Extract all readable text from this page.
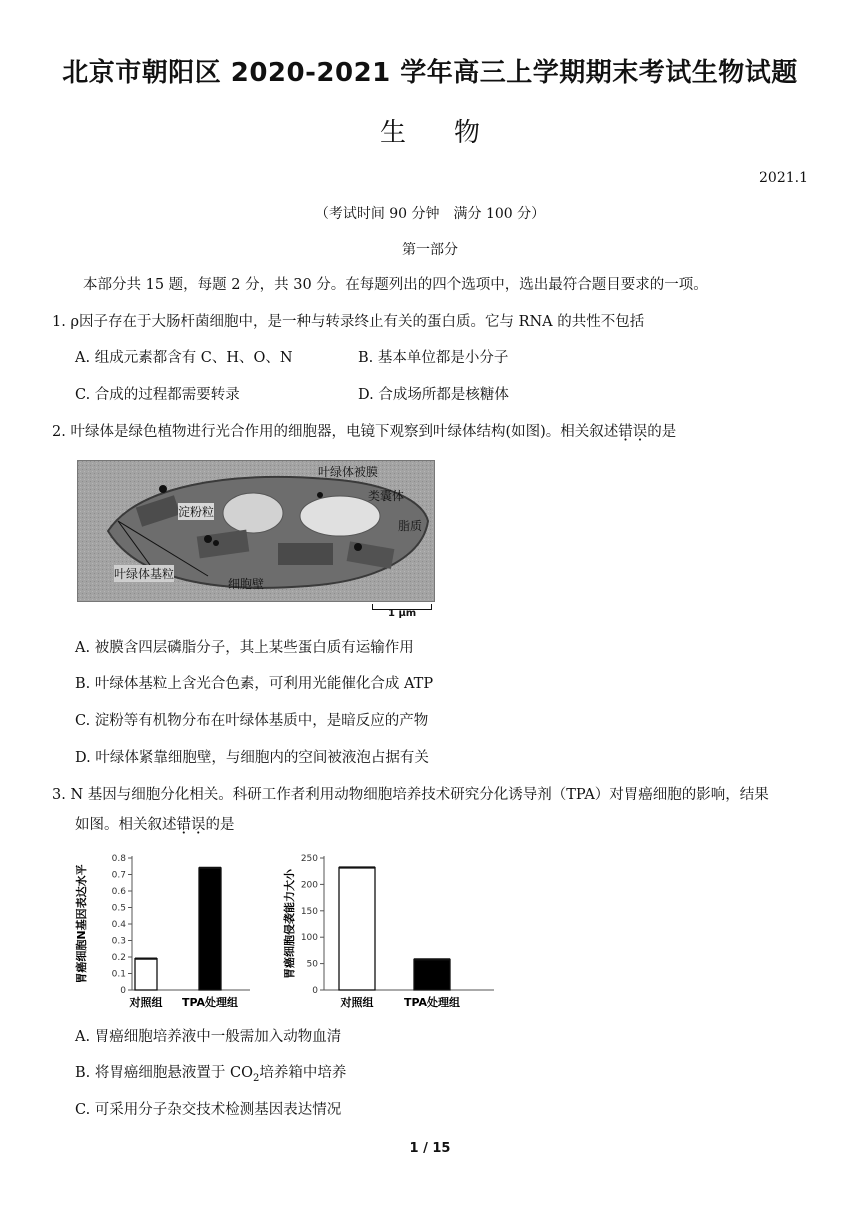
北京市朝阳区 2020-2021 学年高三上学期期末考试生物试题
生 物
2021.1
（考试时间 90 分钟　满分 100 分）
第一部分
本部分共 15 题，每题 2 分，共 30 分。在每题列出的四个选项中，选出最符合题目要求的一项。
1. ρ因子存在于大肠杆菌细胞中，是一种与转录终止有关的蛋白质。它与 RNA 的共性不包括
A. 组成元素都含有 C、H、O、N	B. 基本单位都是小分子
C. 合成的过程都需要转录	D. 合成场所都是核糖体
2. 叶绿体是绿色植物进行光合作用的细胞器，电镜下观察到叶绿体结构(如图)。相关叙述错误的是
叶绿体被膜
类囊体
淀粉粒
脂质
叶绿体基粒
细胞壁
1 μm
A. 被膜含四层磷脂分子，其上某些蛋白质有运输作用
B. 叶绿体基粒上含光合色素，可利用光能催化合成 ATP
C. 淀粉等有机物分布在叶绿体基质中，是暗反应的产物
D. 叶绿体紧靠细胞壁，与细胞内的空间被液泡占据有关
3. N 基因与细胞分化相关。科研工作者利用动物细胞培养技术研究分化诱导剂（TPA）对胃癌细胞的影响，结果
如图。相关叙述错误的是
胃癌细胞N基因表达水平
0
0.1
0.2
0.3
0.4
0.5
0.6
0.7
0.8
对照组 TPA处理组
胃癌细胞侵袭能力大小
0
50
100
150
200
250
对照组	TPA处理组
A. 胃癌细胞培养液中一般需加入动物血清
B. 将胃癌细胞悬液置于 $CO_2$培养箱中培养
C. 可采用分子杂交技术检测基因表达情况
1 / 15
